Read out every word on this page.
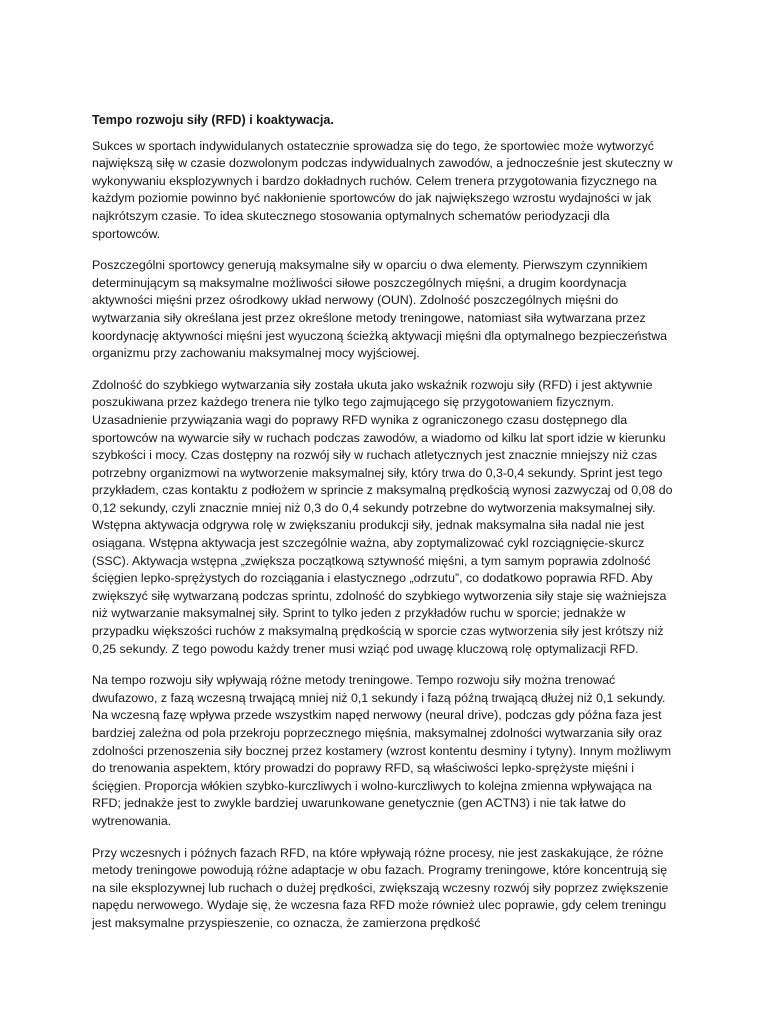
Tempo rozwoju siły (RFD) i koaktywacja.

Sukces w sportach indywidulanych ostatecznie sprowadza się do tego, że sportowiec może wytworzyć największą siłę w czasie dozwolonym podczas indywidualnych zawodów, a jednocześnie jest skuteczny w wykonywaniu eksplozywnych i bardzo dokładnych ruchów. Celem trenera przygotowania fizycznego na każdym poziomie powinno być nakłonienie sportowców do jak największego wzrostu wydajności w jak najkrótszym czasie. To idea skutecznego stosowania optymalnych schematów periodyzacji dla sportowców.

Poszczególni sportowcy generują maksymalne siły w oparciu o dwa elementy. Pierwszym czynnikiem determinującym są maksymalne możliwości siłowe poszczególnych mięśni, a drugim koordynacja aktywności mięśni przez ośrodkowy układ nerwowy (OUN). Zdolność poszczególnych mięśni do wytwarzania siły określana jest przez określone metody treningowe, natomiast siła wytwarzana przez koordynację aktywności mięśni jest wyuczoną ścieżką aktywacji mięśni dla optymalnego bezpieczeństwa organizmu przy zachowaniu maksymalnej mocy wyjściowej.

Zdolność do szybkiego wytwarzania siły została ukuta jako wskaźnik rozwoju siły (RFD) i jest aktywnie poszukiwana przez każdego trenera nie tylko tego zajmującego się przygotowaniem fizycznym. Uzasadnienie przywiązania wagi do poprawy RFD wynika z ograniczonego czasu dostępnego dla sportowców na wywarcie siły w ruchach podczas zawodów, a wiadomo od kilku lat sport idzie w kierunku szybkości i mocy. Czas dostępny na rozwój siły w ruchach atletycznych jest znacznie mniejszy niż czas potrzebny organizmowi na wytworzenie maksymalnej siły, który trwa do 0,3-0,4 sekundy. Sprint jest tego przykładem, czas kontaktu z podłożem w sprincie z maksymalną prędkością wynosi zazwyczaj od 0,08 do 0,12 sekundy, czyli znacznie mniej niż 0,3 do 0,4 sekundy potrzebne do wytworzenia maksymalnej siły. Wstępna aktywacja odgrywa rolę w zwiększaniu produkcji siły, jednak maksymalna siła nadal nie jest osiągana. Wstępna aktywacja jest szczególnie ważna, aby zoptymalizować cykl rozciągnięcie-skurcz (SSC). Aktywacja wstępna „zwiększa początkową sztywność mięśni, a tym samym poprawia zdolność ścięgien lepko-sprężystych do rozciągania i elastycznego „odrzutu”, co dodatkowo poprawia RFD. Aby zwiększyć siłę wytwarzaną podczas sprintu, zdolność do szybkiego wytworzenia siły staje się ważniejsza niż wytwarzanie maksymalnej siły. Sprint to tylko jeden z przykładów ruchu w sporcie; jednakże w przypadku większości ruchów z maksymalną prędkością w sporcie czas wytworzenia siły jest krótszy niż 0,25 sekundy. Z tego powodu każdy trener musi wziąć pod uwagę kluczową rolę optymalizacji RFD.

Na tempo rozwoju siły wpływają różne metody treningowe. Tempo rozwoju siły można trenować dwufazowo, z fazą wczesną trwającą mniej niż 0,1 sekundy i fazą późną trwającą dłużej niż 0,1 sekundy. Na wczesną fazę wpływa przede wszystkim napęd nerwowy (neural drive), podczas gdy późna faza jest bardziej zależna od pola przekroju poprzecznego mięśnia, maksymalnej zdolności wytwarzania siły oraz zdolności przenoszenia siły bocznej przez kostamery (wzrost kontentu desminy i tytyny). Innym możliwym do trenowania aspektem, który prowadzi do poprawy RFD, są właściwości lepko-sprężyste mięśni i ścięgien. Proporcja włókien szybko-kurczliwych i wolno-kurczliwych to kolejna zmienna wpływająca na RFD; jednakże jest to zwykle bardziej uwarunkowane genetycznie (gen ACTN3) i nie tak łatwe do wytrenowania.

Przy wczesnych i późnych fazach RFD, na które wpływają różne procesy, nie jest zaskakujące, że różne metody treningowe powodują różne adaptacje w obu fazach. Programy treningowe, które koncentrują się na sile eksplozywnej lub ruchach o dużej prędkości, zwiększają wczesny rozwój siły poprzez zwiększenie napędu nerwowego. Wydaje się, że wczesna faza RFD może również ulec poprawie, gdy celem treningu jest maksymalne przyspieszenie, co oznacza, że zamierzona prędkość
